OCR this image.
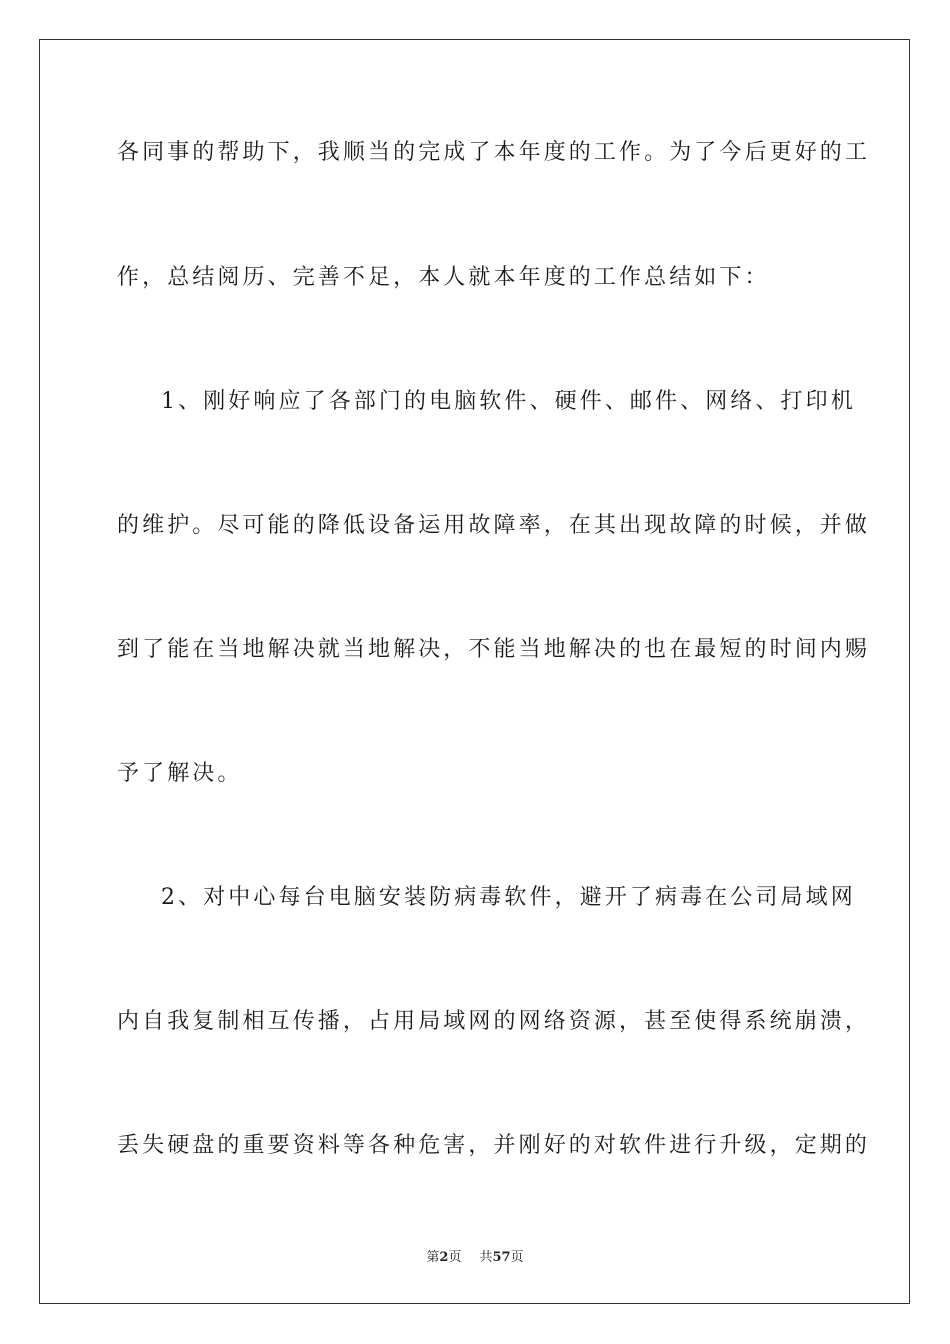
各同事的帮助下，我顺当的完成了本年度的工作。为了今后更好的工
作，总结阅历、完善不足，本人就本年度的工作总结如下：
1、刚好响应了各部门的电脑软件、硬件、邮件、网络、打印机
的维护。尽可能的降低设备运用故障率，在其出现故障的时候，并做
到了能在当地解决就当地解决，不能当地解决的也在最短的时间内赐
予了解决。
2、对中心每台电脑安装防病毒软件，避开了病毒在公司局域网
内自我复制相互传播，占用局域网的网络资源，甚至使得系统崩溃，
丢失硬盘的重要资料等各种危害，并刚好的对软件进行升级，定期的
第2页 共57页
